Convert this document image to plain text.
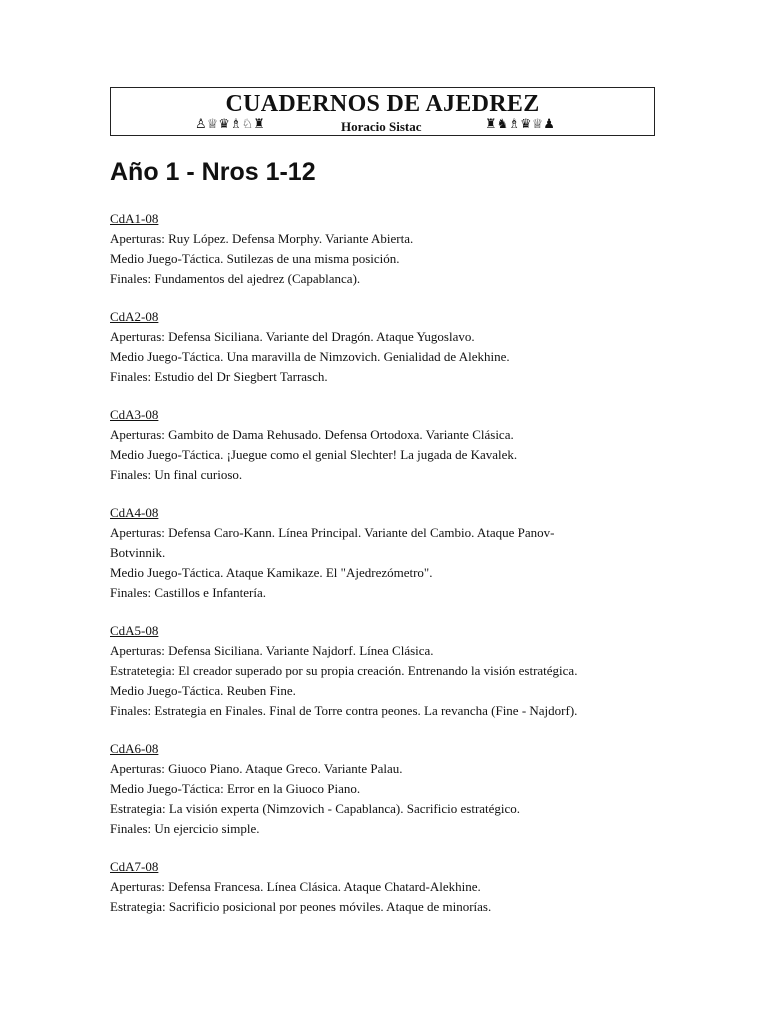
CUADERNOS DE AJEDREZ
♙♕♛♗♘♜	Horacio Sistac	♜♞♗♛♕♟
Año 1 - Nros 1-12
CdA1-08
Aperturas: Ruy López. Defensa Morphy. Variante Abierta.
Medio Juego-Táctica. Sutilezas de una misma posición.
Finales: Fundamentos del ajedrez (Capablanca).
CdA2-08
Aperturas: Defensa Siciliana. Variante del Dragón. Ataque Yugoslavo.
Medio Juego-Táctica. Una maravilla de Nimzovich. Genialidad de Alekhine.
Finales: Estudio del Dr Siegbert Tarrasch.
CdA3-08
Aperturas: Gambito de Dama Rehusado. Defensa Ortodoxa. Variante Clásica.
Medio Juego-Táctica. ¡Juegue como el genial Slechter! La jugada de Kavalek.
Finales: Un final curioso.
CdA4-08
Aperturas: Defensa Caro-Kann. Línea Principal. Variante del Cambio. Ataque Panov-
Botvinnik.
Medio Juego-Táctica. Ataque Kamikaze. El "Ajedrezómetro".
Finales: Castillos e Infantería.
CdA5-08
Aperturas: Defensa Siciliana. Variante Najdorf. Línea Clásica.
Estratetegia: El creador superado por su propia creación. Entrenando la visión estratégica.
Medio Juego-Táctica. Reuben Fine.
Finales: Estrategia en Finales. Final de Torre contra peones. La revancha (Fine - Najdorf).
CdA6-08
Aperturas: Giuoco Piano. Ataque Greco. Variante Palau.
Medio Juego-Táctica: Error en la Giuoco Piano.
Estrategia: La visión experta (Nimzovich - Capablanca). Sacrificio estratégico.
Finales: Un ejercicio simple.
CdA7-08
Aperturas: Defensa Francesa. Línea Clásica. Ataque Chatard-Alekhine.
Estrategia: Sacrificio posicional por peones móviles. Ataque de minorías.
